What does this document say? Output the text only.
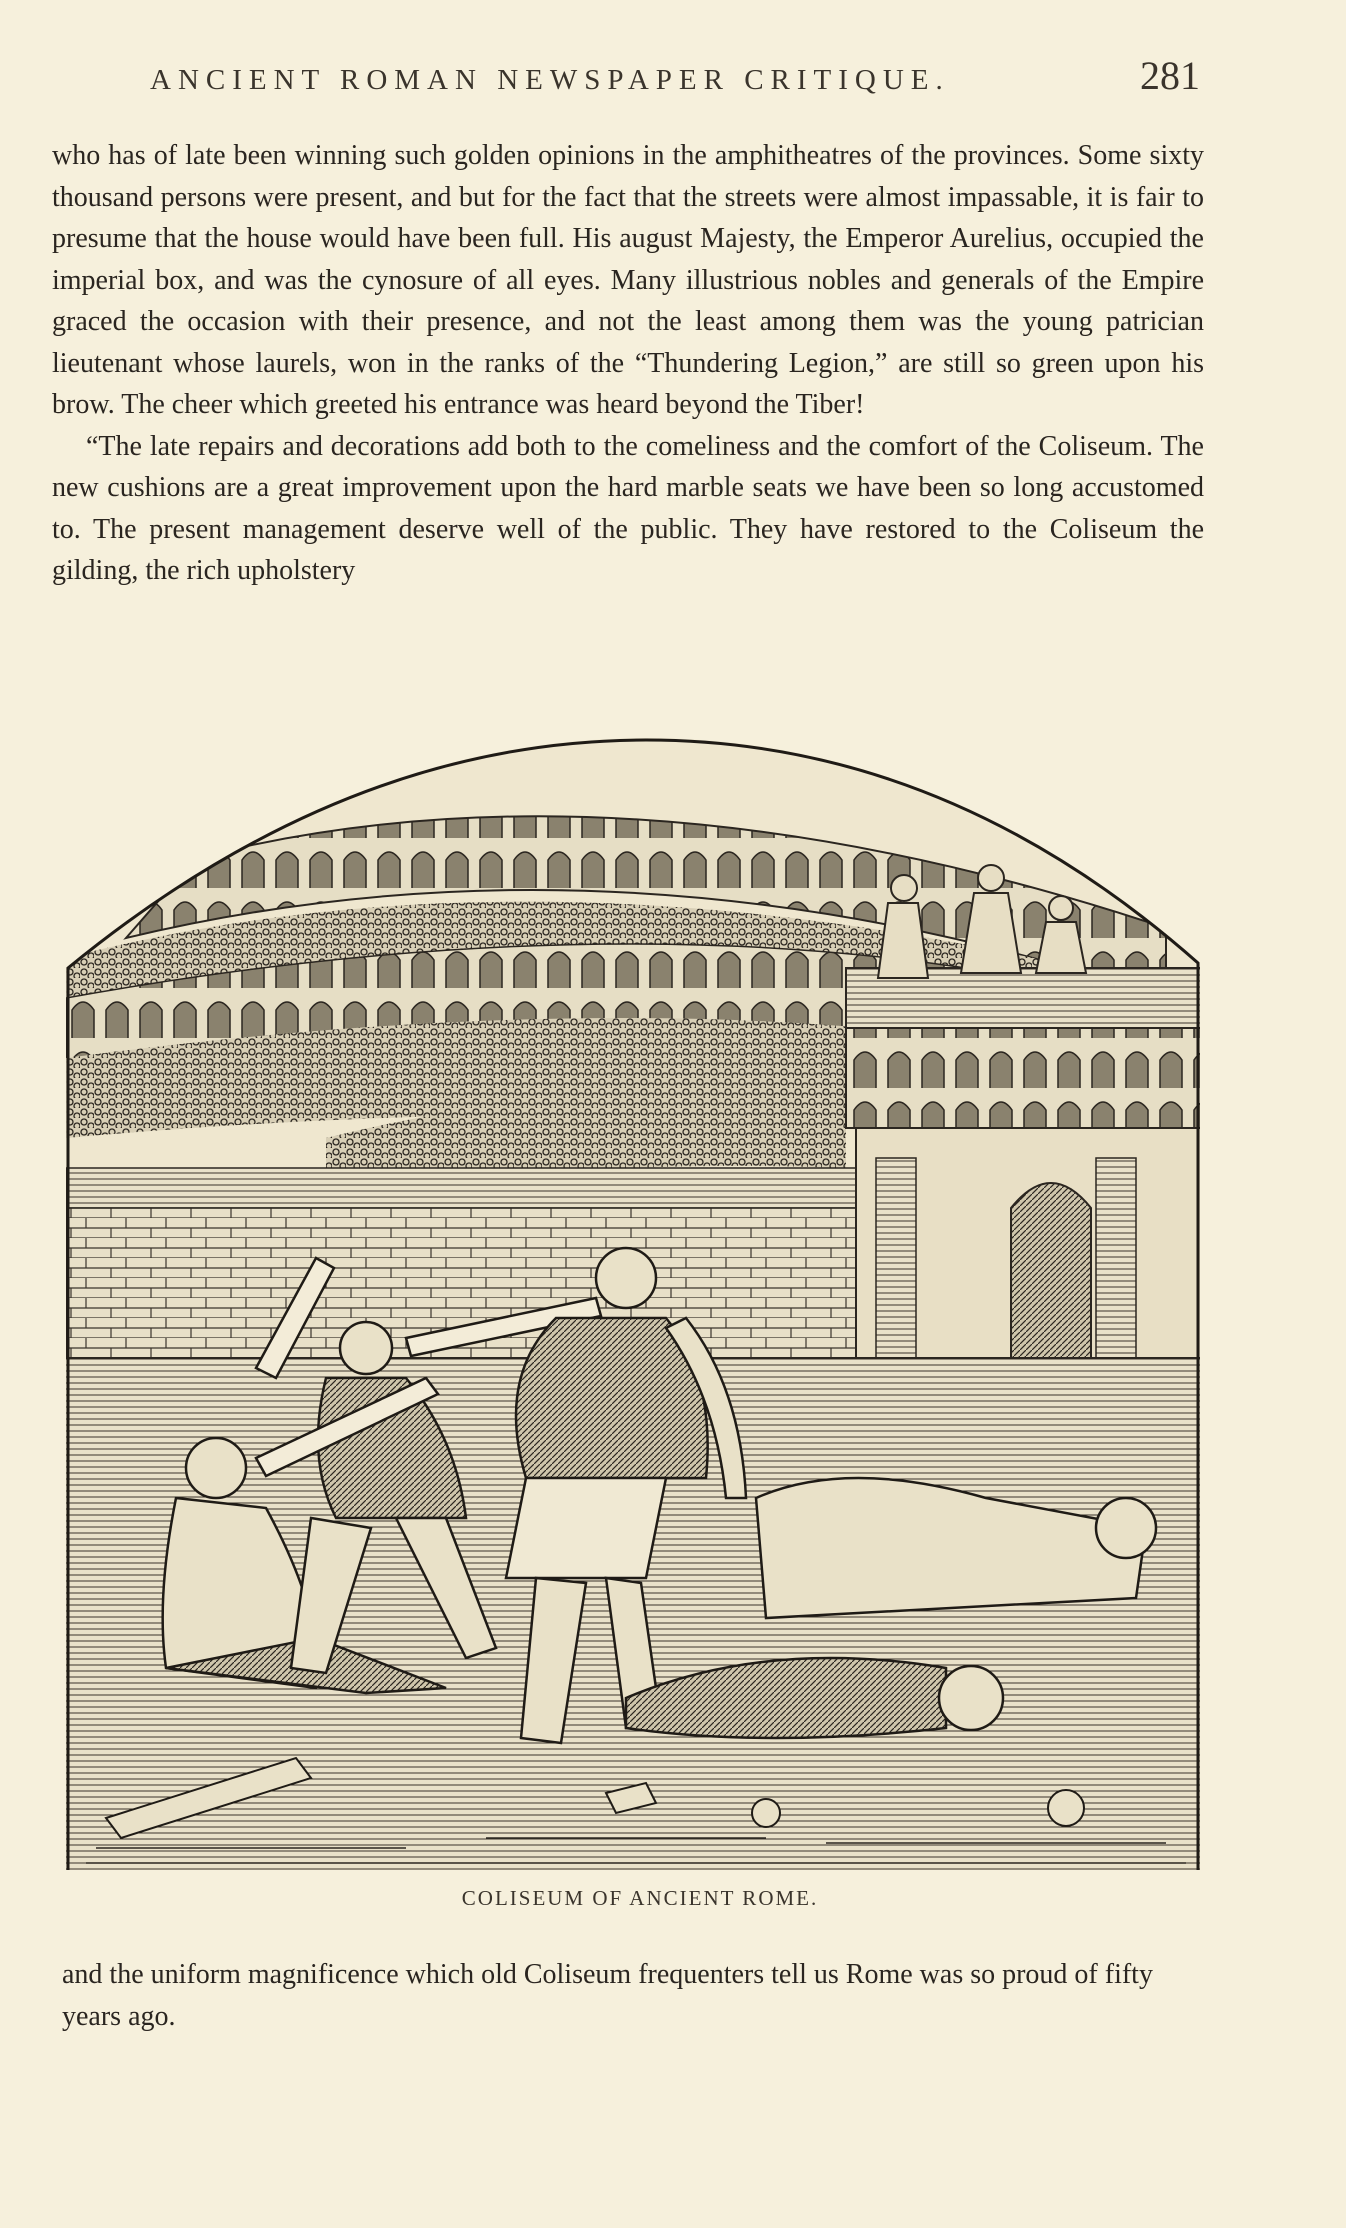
ANCIENT ROMAN NEWSPAPER CRITIQUE.	281

who has of late been winning such golden opinions in the amphitheatres of the provinces. Some sixty thousand persons were present, and but for the fact that the streets were almost impassable, it is fair to presume that the house would have been full. His august Majesty, the Emperor Aurelius, occupied the imperial box, and was the cynosure of all eyes. Many illustrious nobles and generals of the Empire graced the occasion with their presence, and not the least among them was the young patrician lieutenant whose laurels, won in the ranks of the “Thundering Legion,” are still so green upon his brow. The cheer which greeted his entrance was heard beyond the Tiber!

“The late repairs and decorations add both to the comeliness and the comfort of the Coliseum. The new cushions are a great improvement upon the hard marble seats we have been so long accustomed to. The present management deserve well of the public. They have restored to the Coliseum the gilding, the rich upholstery

COLISEUM OF ANCIENT ROME.

and the uniform magnificence which old Coliseum frequenters tell us Rome was so proud of fifty years ago.
